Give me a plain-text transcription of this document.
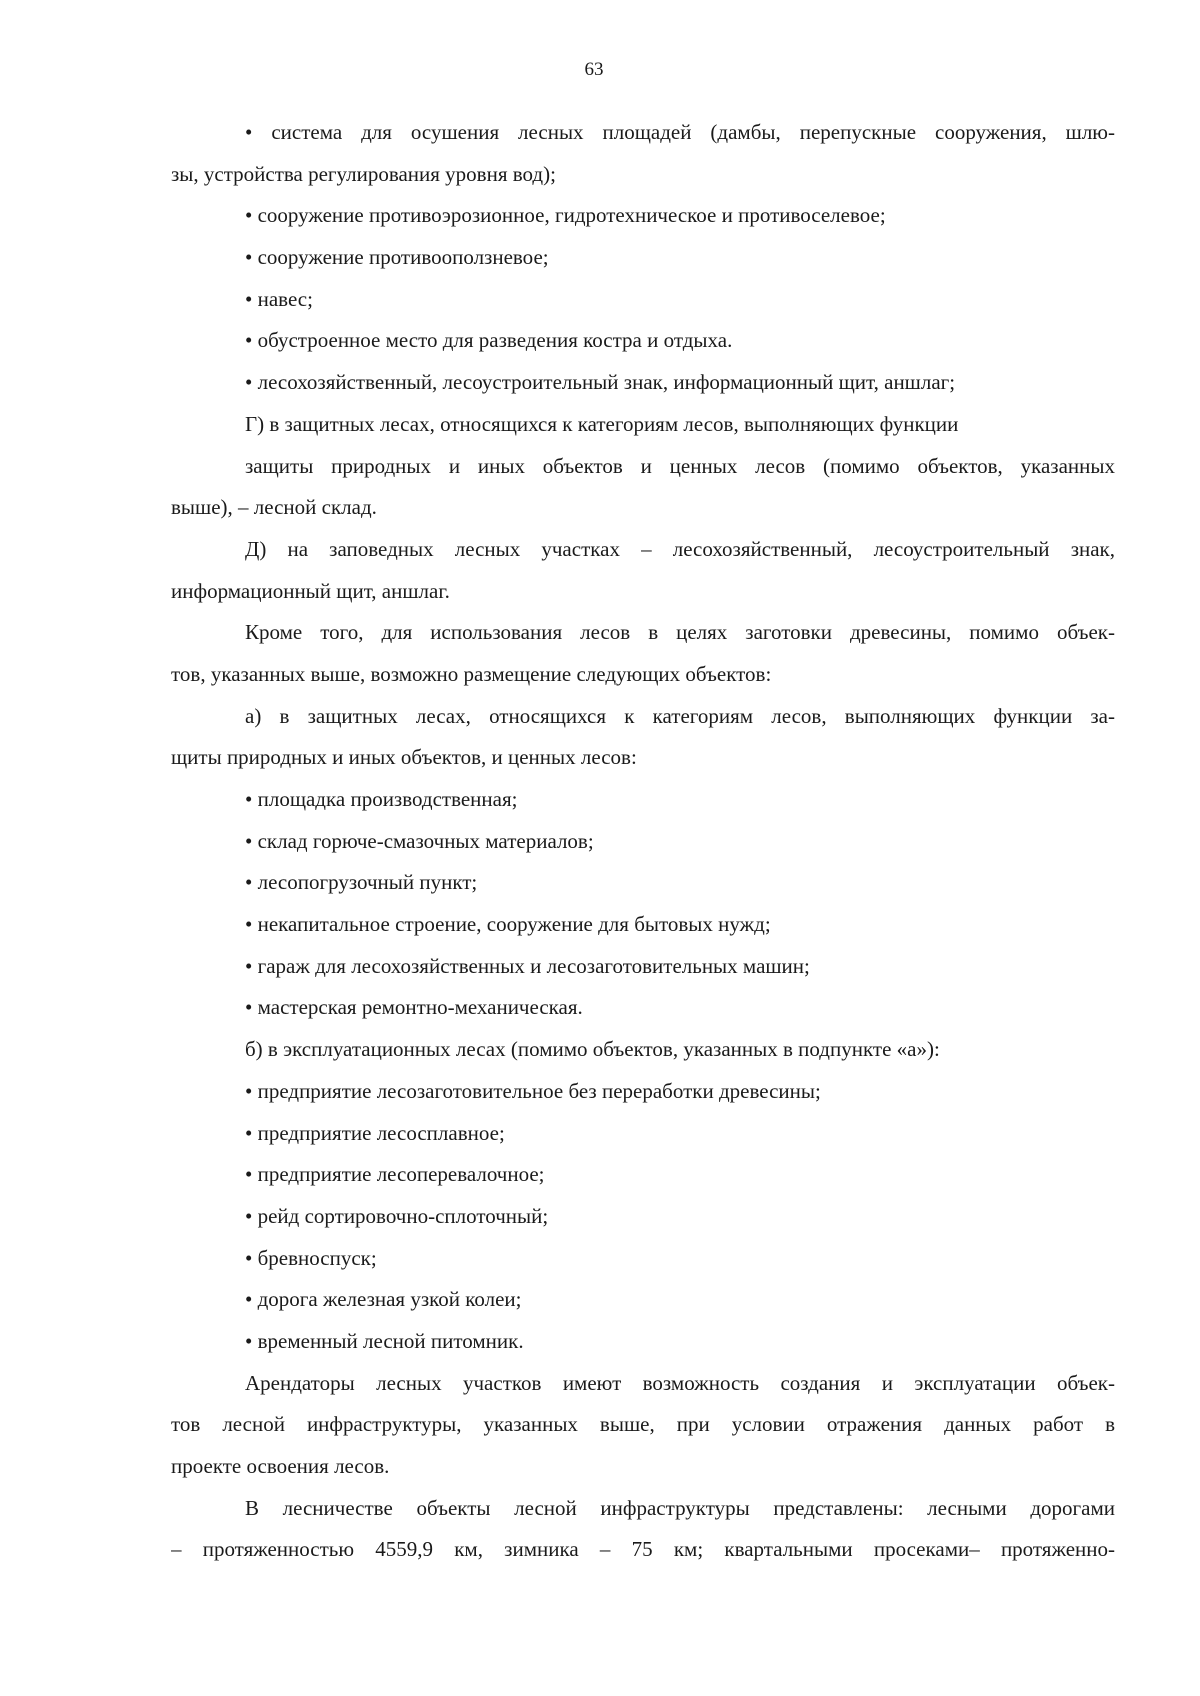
63
• система для осушения лесных площадей (дамбы, перепускные сооружения, шлю-
зы, устройства регулирования уровня вод);
• сооружение противоэрозионное, гидротехническое и противоселевое;
• сооружение противооползневое;
• навес;
• обустроенное место для разведения костра и отдыха.
• лесохозяйственный, лесоустроительный знак, информационный щит, аншлаг;
Г) в защитных лесах, относящихся к категориям лесов, выполняющих функции
защиты природных и иных объектов и ценных лесов (помимо объектов, указанных
выше), – лесной склад.
Д) на заповедных лесных участках – лесохозяйственный, лесоустроительный знак,
информационный щит, аншлаг.
Кроме того, для использования лесов в целях заготовки древесины, помимо объек-
тов, указанных выше, возможно размещение следующих объектов:
а) в защитных лесах, относящихся к категориям лесов, выполняющих функции за-
щиты природных и иных объектов, и ценных лесов:
• площадка производственная;
• склад горюче-смазочных материалов;
• лесопогрузочный пункт;
• некапитальное строение, сооружение для бытовых нужд;
• гараж для лесохозяйственных и лесозаготовительных машин;
• мастерская ремонтно-механическая.
б) в эксплуатационных лесах (помимо объектов, указанных в подпункте «а»):
• предприятие лесозаготовительное без переработки древесины;
• предприятие лесосплавное;
• предприятие лесоперевалочное;
• рейд сортировочно-сплоточный;
• бревноспуск;
• дорога железная узкой колеи;
• временный лесной питомник.
Арендаторы лесных участков имеют возможность создания и эксплуатации объек-
тов лесной инфраструктуры, указанных выше, при условии отражения данных работ в
проекте освоения лесов.
В лесничестве объекты лесной инфраструктуры представлены: лесными дорогами
– протяженностью 4559,9 км, зимника – 75 км; квартальными просеками– протяженно-
